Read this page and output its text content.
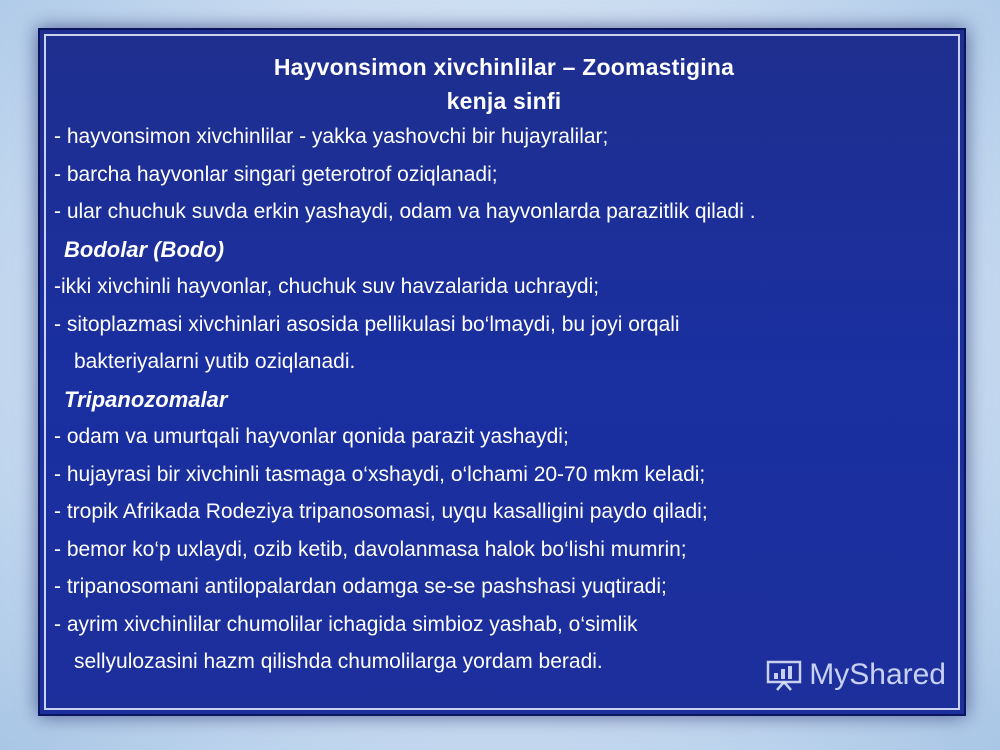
Hayvonsimon xivchinlilar – Zoomastigina

kenja sinfi

- hayvonsimon xivchinlilar - yakka yashovchi bir hujayralilar;

- barcha hayvonlar singari geterotrof oziqlanadi;

- ular chuchuk suvda erkin yashaydi, odam va hayvonlarda parazitlik qiladi .

Bodolar (Bodo)

-ikki xivchinli hayvonlar, chuchuk suv havzalarida uchraydi;

- sitoplazmasi xivchinlari asosida pellikulasi bo‘lmaydi, bu joyi orqali

bakteriyalarni yutib oziqlanadi.

Tripanozomalar

- odam va umurtqali hayvonlar qonida parazit yashaydi;

- hujayrasi bir xivchinli tasmaga o‘xshaydi, o‘lchami 20-70 mkm keladi;

- tropik Afrikada Rodeziya tripanosomasi, uyqu kasalligini paydo qiladi;

- bemor ko‘p uxlaydi, ozib ketib, davolanmasa halok bo‘lishi mumrin;

- tripanosomani antilopalardan odamga se-se pashshasi yuqtiradi;

- ayrim xivchinlilar chumolilar ichagida simbioz yashab, o‘simlik

sellyulozasini hazm qilishda chumolilarga yordam beradi.	MyShared
